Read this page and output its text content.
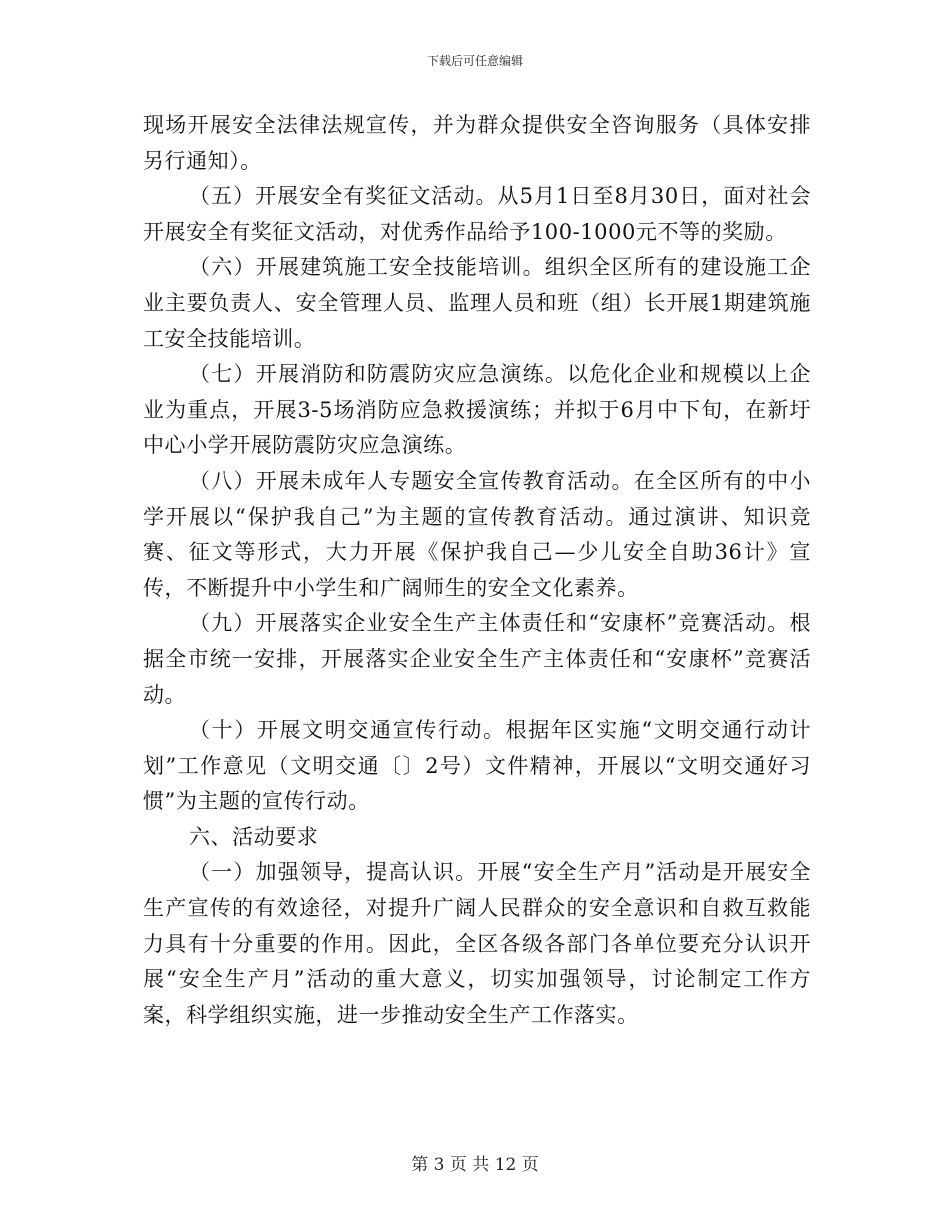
下载后可任意编辑

现场开展安全法律法规宣传，并为群众提供安全咨询服务（具体安排另行通知）。

（五）开展安全有奖征文活动。从5月1日至8月30日，面对社会开展安全有奖征文活动，对优秀作品给予100-1000元不等的奖励。

（六）开展建筑施工安全技能培训。组织全区所有的建设施工企业主要负责人、安全管理人员、监理人员和班（组）长开展1期建筑施工安全技能培训。

（七）开展消防和防震防灾应急演练。以危化企业和规模以上企业为重点，开展3-5场消防应急救援演练；并拟于6月中下旬，在新圩中心小学开展防震防灾应急演练。

（八）开展未成年人专题安全宣传教育活动。在全区所有的中小学开展以“保护我自己”为主题的宣传教育活动。通过演讲、知识竞赛、征文等形式，大力开展《保护我自己—少儿安全自助36计》宣传，不断提升中小学生和广阔师生的安全文化素养。

（九）开展落实企业安全生产主体责任和“安康杯”竞赛活动。根据全市统一安排，开展落实企业安全生产主体责任和“安康杯”竞赛活动。

（十）开展文明交通宣传行动。根据年区实施“文明交通行动计划”工作意见（文明交通〔〕2号）文件精神，开展以“文明交通好习惯”为主题的宣传行动。

六、活动要求

（一）加强领导，提高认识。开展“安全生产月”活动是开展安全生产宣传的有效途径，对提升广阔人民群众的安全意识和自救互救能力具有十分重要的作用。因此，全区各级各部门各单位要充分认识开展“安全生产月”活动的重大意义，切实加强领导，讨论制定工作方案，科学组织实施，进一步推动安全生产工作落实。

第 3 页 共 12 页
